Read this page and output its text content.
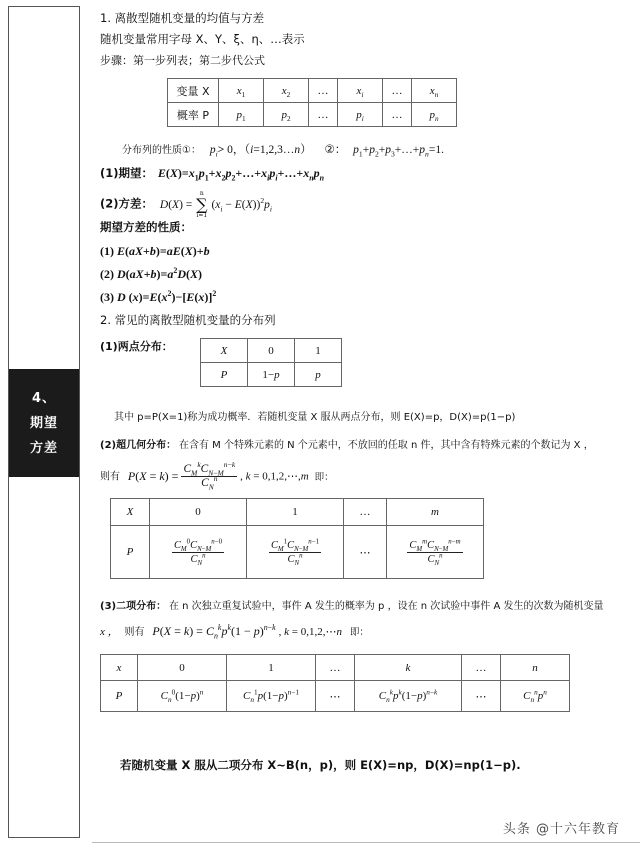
4、
期望
方差
1. 离散型随机变量的均值与方差
随机变量常用字母 X、Y、ξ、η、…表示
步骤：第一步列表；第二步代公式
变量 X	$x_1$	$x_2$	…	$x_i$	…	$x_n$
概率 P	$p_1$	$p_2$	…	$p_i$	…	$p_n$
分布列的性质①： $p_i> 0$，（i=1,2,3…n） ②： $p_1+p_2+p_3+\dots+p_n=1$.
(1)期望： $E(X)=x_1p_1+x_2p_2+\dots+x_ip_i+\dots+x_np_n$
(2)方差： D(X) =
n
∑
i=1
$(x_i - E(X))^2p_i$
期望方差的性质：
(1) E(aX+b)=aE(X)+b
(2) $D(aX+b)=a^2D(X)$
(3) D $(x)=E(x^2)-[E(x)]^2$
2. 常见的离散型随机变量的分布列
(1)两点分布：	X	0	1
P	1−p	p
其中 p=P(X=1)称为成功概率．若随机变量 X 服从两点分布，则 E(X)=p，D(X)=p(1−p)
(2)超几何分布： 在含有 M 个特殊元素的 N 个元素中，不放回的任取 n 件，其中含有特殊元素的个数记为 X ，
则有 $P(X = k) = \frac{C_M^kC_{N-M}^{n-k}}{C_N^n}$ , k = 0,1,2,⋯,m 即：
X	0	1	…	m
P	$\frac{C_M^0C_{N-M}^{n-0}}{C_N^n}$	$\frac{C_M^1C_{N-M}^{n-1}}{C_N^n}$	⋯	$\frac{C_M^mC_{N-M}^{n-m}}{C_N^n}$
(3)二项分布： 在 n 次独立重复试验中，事件 A 发生的概率为 p ，设在 n 次试验中事件 A 发生的次数为随机变量
x ， 则有 $P(X = k) = C_n^kp^k(1 - p)^{n-k}$ , k = 0,1,2,⋯n 即：
x	0	1	…	k	…	n
P	$C_n^0(1-p)^n$	$C_n^1p(1-p)^{n-1}$	⋯	$C_n^kp^k(1-p)^{n-k}$	⋯	$C_n^np^n$
若随机变量 X 服从二项分布 X~B(n，p)，则 E(X)=np，D(X)=np(1−p).
头条 @十六年教育
